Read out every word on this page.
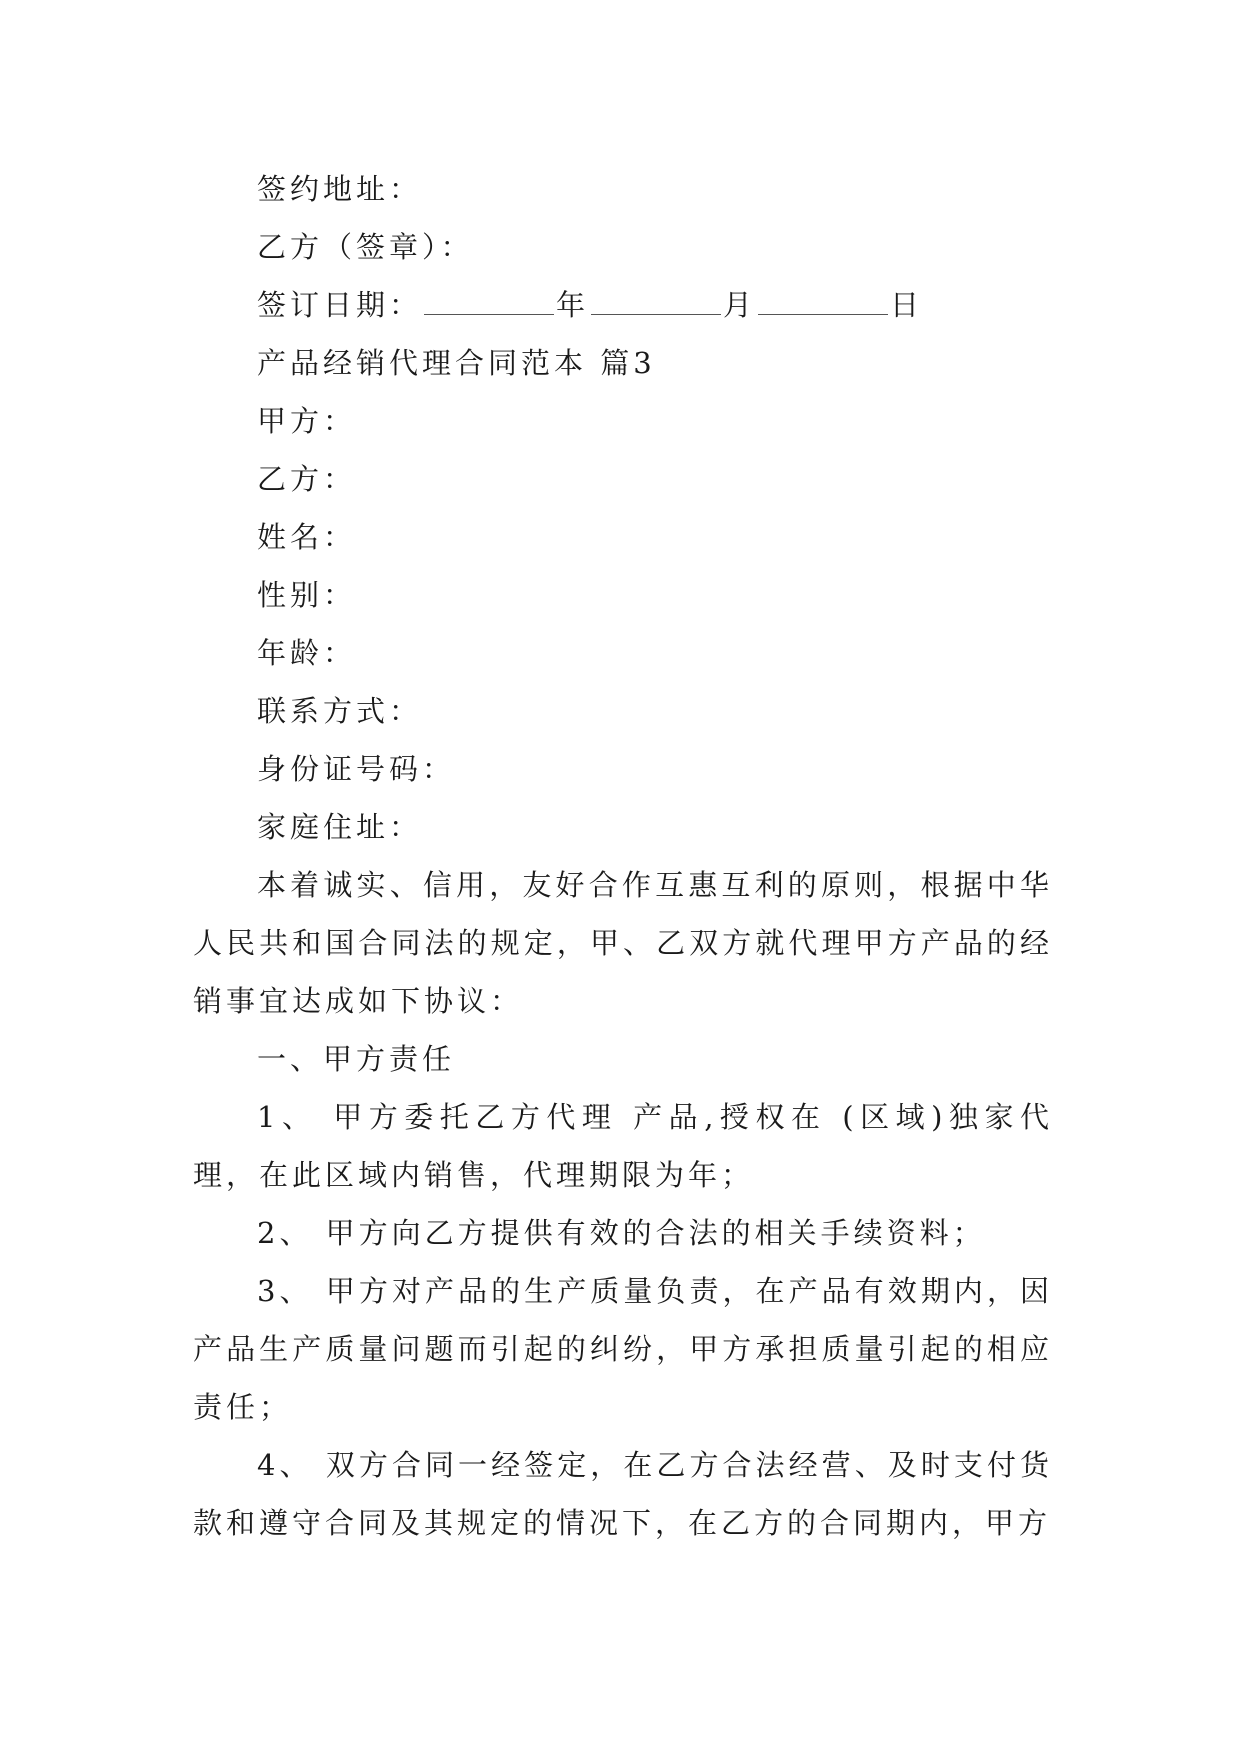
签约地址：
乙方（签章）：
签订日期：	年	月	日
产品经销代理合同范本 篇3
甲方：
乙方：
姓名：
性别：
年龄：
联系方式：
身份证号码：
家庭住址：
本着诚实、信用，友好合作互惠互利的原则，根据中华人民共和国合同法的规定，甲、乙双方就代理甲方产品的经销事宜达成如下协议：
一、甲方责任
1、 甲方委托乙方代理 产品,授权在 (区域)独家代理，在此区域内销售，代理期限为年；
2、 甲方向乙方提供有效的合法的相关手续资料；
3、 甲方对产品的生产质量负责，在产品有效期内，因产品生产质量问题而引起的纠纷，甲方承担质量引起的相应责任；
4、 双方合同一经签定，在乙方合法经营、及时支付货款和遵守合同及其规定的情况下，在乙方的合同期内，甲方
